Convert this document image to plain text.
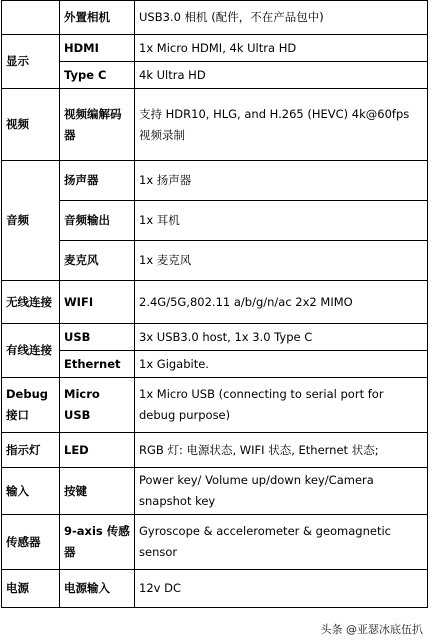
	外置相机	USB3.0 相机 (配件，不在产品包中)
显示	HDMI	1x Micro HDMI, 4k Ultra HD
	Type C	4k Ultra HD
视频	视频编解码器	支持 HDR10, HLG, and H.265 (HEVC) 4k@60fps 视频录制
音频	扬声器	1x 扬声器
	音频输出	1x 耳机
	麦克风	1x 麦克风
无线连接	WIFI	2.4G/5G,802.11 a/b/g/n/ac 2x2 MIMO
有线连接	USB	3x USB3.0 host, 1x 3.0 Type C
	Ethernet	1x Gigabite.
Debug 接口	Micro USB	1x Micro USB (connecting to serial port for debug purpose)
指示灯	LED	RGB 灯: 电源状态, WIFI 状态, Ethernet 状态;
输入	按键	Power key/ Volume up/down key/Camera snapshot key
传感器	9-axis 传感器	Gyroscope & accelerometer & geomagnetic sensor
电源	电源输入	12v DC
头条 @亚瑟冰底伍扒
